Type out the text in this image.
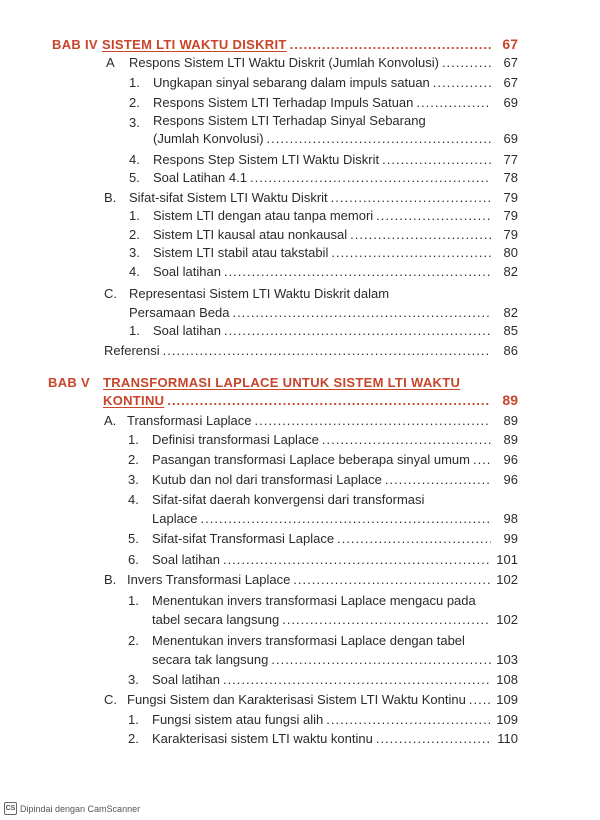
BAB IV SISTEM LTI WAKTU DISKRIT .....	67
A Respons Sistem LTI Waktu Diskrit (Jumlah Konvolusi) .....	67
1. Ungkapan sinyal sebarang dalam impuls satuan .....	67
2. Respons Sistem LTI Terhadap Impuls Satuan .....	69
3. Respons Sistem LTI Terhadap Sinyal Sebarang
(Jumlah Konvolusi) .....	69
4. Respons Step Sistem LTI Waktu Diskrit .....	77
5. Soal Latihan 4.1 .....	78
B. Sifat-sifat Sistem LTI Waktu Diskrit .....	79
1. Sistem LTI dengan atau tanpa memori .....	79
2. Sistem LTI kausal atau nonkausal .....	79
3. Sistem LTI stabil atau takstabil .....	80
4. Soal latihan .....	82
C. Representasi Sistem LTI Waktu Diskrit dalam
Persamaan Beda .....	82
1. Soal latihan .....	85
Referensi .....	86
BAB V TRANSFORMASI LAPLACE UNTUK SISTEM LTI WAKTU
KONTINU .....	89
A. Transformasi Laplace .....	89
1. Definisi transformasi Laplace .....	89
2. Pasangan transformasi Laplace beberapa sinyal umum .....	96
3. Kutub dan nol dari transformasi Laplace .....	96
4. Sifat-sifat daerah konvergensi dari transformasi
Laplace .....	98
5. Sifat-sifat Transformasi Laplace .....	99
6. Soal latihan .....	101
B. Invers Transformasi Laplace .....	102
1. Menentukan invers transformasi Laplace mengacu pada
tabel secara langsung .....	102
2. Menentukan invers transformasi Laplace dengan tabel
secara tak langsung .....	103
3. Soal latihan .....	108
C. Fungsi Sistem dan Karakterisasi Sistem LTI Waktu Kontinu ..... 109
1. Fungsi sistem atau fungsi alih .....	109
2. Karakterisasi sistem LTI waktu kontinu .....	110
CS Dipindai dengan CamScanner
